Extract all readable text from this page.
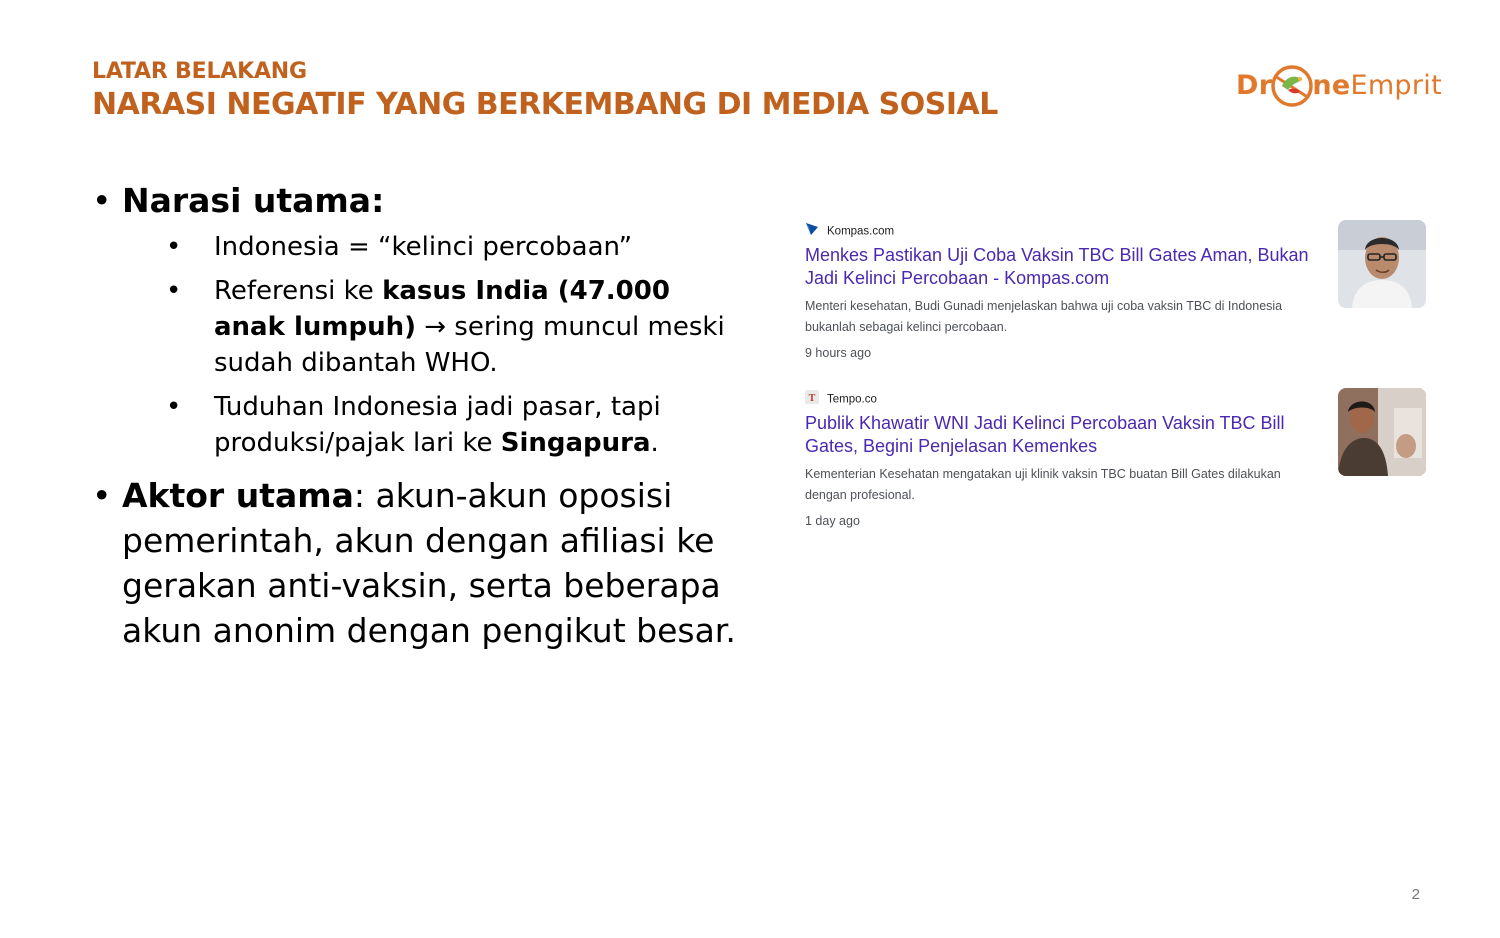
LATAR BELAKANG
NARASI NEGATIF YANG BERKEMBANG DI MEDIA SOSIAL
Dr neEmprit
• Narasi utama:
• Indonesia = “kelinci percobaan”
• Referensi ke kasus India (47.000 anak lumpuh) → sering muncul meski sudah dibantah WHO.
• Tuduhan Indonesia jadi pasar, tapi produksi/pajak lari ke Singapura.
• Aktor utama: akun-akun oposisi pemerintah, akun dengan afiliasi ke gerakan anti-vaksin, serta beberapa akun anonim dengan pengikut besar.
Kompas.com
Menkes Pastikan Uji Coba Vaksin TBC Bill Gates Aman, Bukan Jadi Kelinci Percobaan - Kompas.com
Menteri kesehatan, Budi Gunadi menjelaskan bahwa uji coba vaksin TBC di Indonesia bukanlah sebagai kelinci percobaan.
9 hours ago
T Tempo.co
Publik Khawatir WNI Jadi Kelinci Percobaan Vaksin TBC Bill Gates, Begini Penjelasan Kemenkes
Kementerian Kesehatan mengatakan uji klinik vaksin TBC buatan Bill Gates dilakukan dengan profesional.
1 day ago
2
